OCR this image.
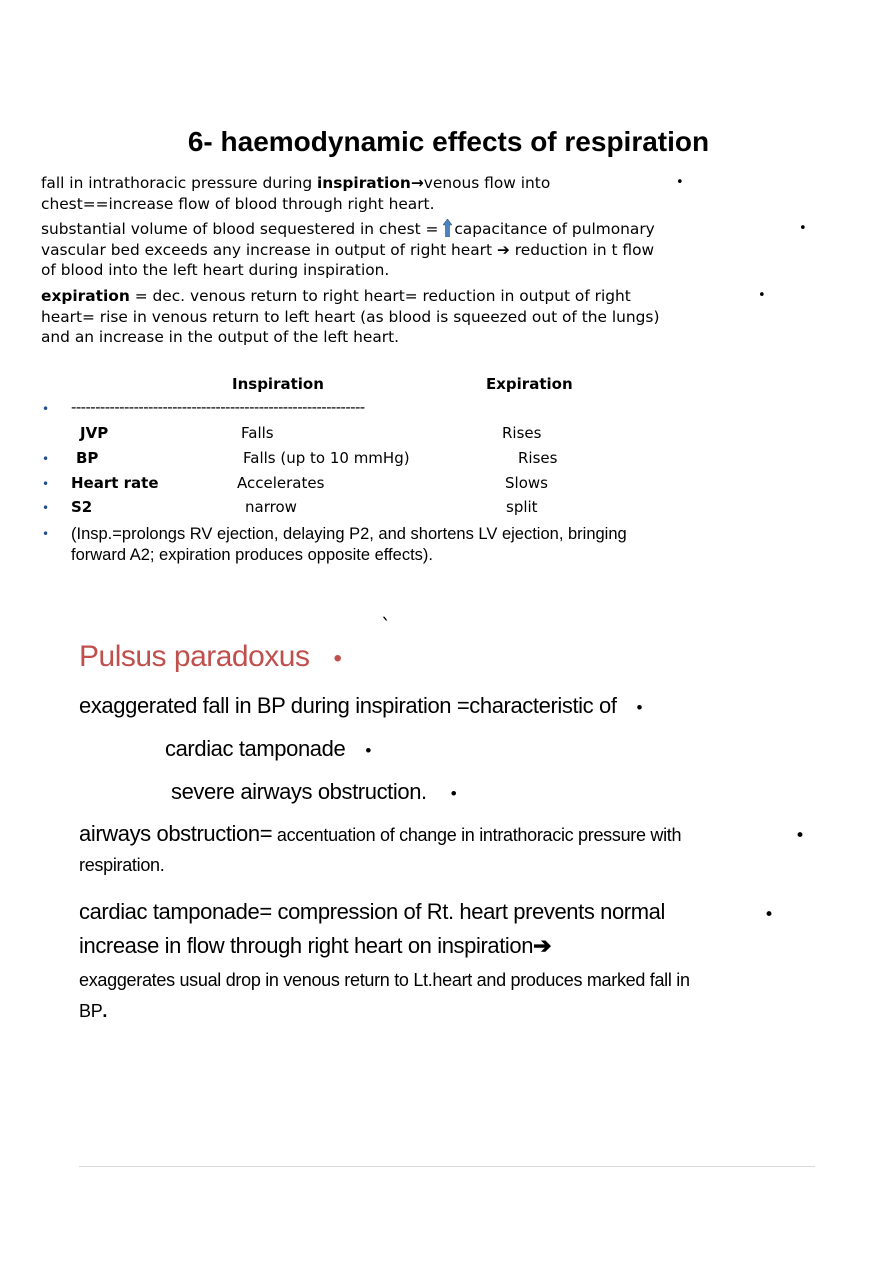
6- haemodynamic effects of respiration
fall in intrathoracic pressure during inspiration→venous flow into
chest==increase flow of blood through right heart.
•
substantial volume of blood sequestered in chest = capacitance of pulmonary
vascular bed exceeds any increase in output of right heart ➔ reduction in t flow
of blood into the left heart during inspiration.
•
expiration = dec. venous return to right heart= reduction in output of right
heart= rise in venous return to left heart (as blood is squeezed out of the lungs)
and an increase in the output of the left heart.
•
Inspiration	Expiration
• -------------------------------------------------------------
JVP	Falls	Rises
• BP	Falls (up to 10 mmHg)	Rises
• Heart rate	Accelerates	Slows
• S2	narrow	split
• (Insp.=prolongs RV ejection, delaying P2, and shortens LV ejection, bringing
forward A2; expiration produces opposite effects).
`
Pulsus paradoxus •
exaggerated fall in BP during inspiration =characteristic of •
cardiac tamponade •
severe airways obstruction. •
airways obstruction= accentuation of change in intrathoracic pressure with
respiration.
•
cardiac tamponade= compression of Rt. heart prevents normal
increase in flow through right heart on inspiration➔
exaggerates usual drop in venous return to Lt.heart and produces marked fall in
BP.
•
